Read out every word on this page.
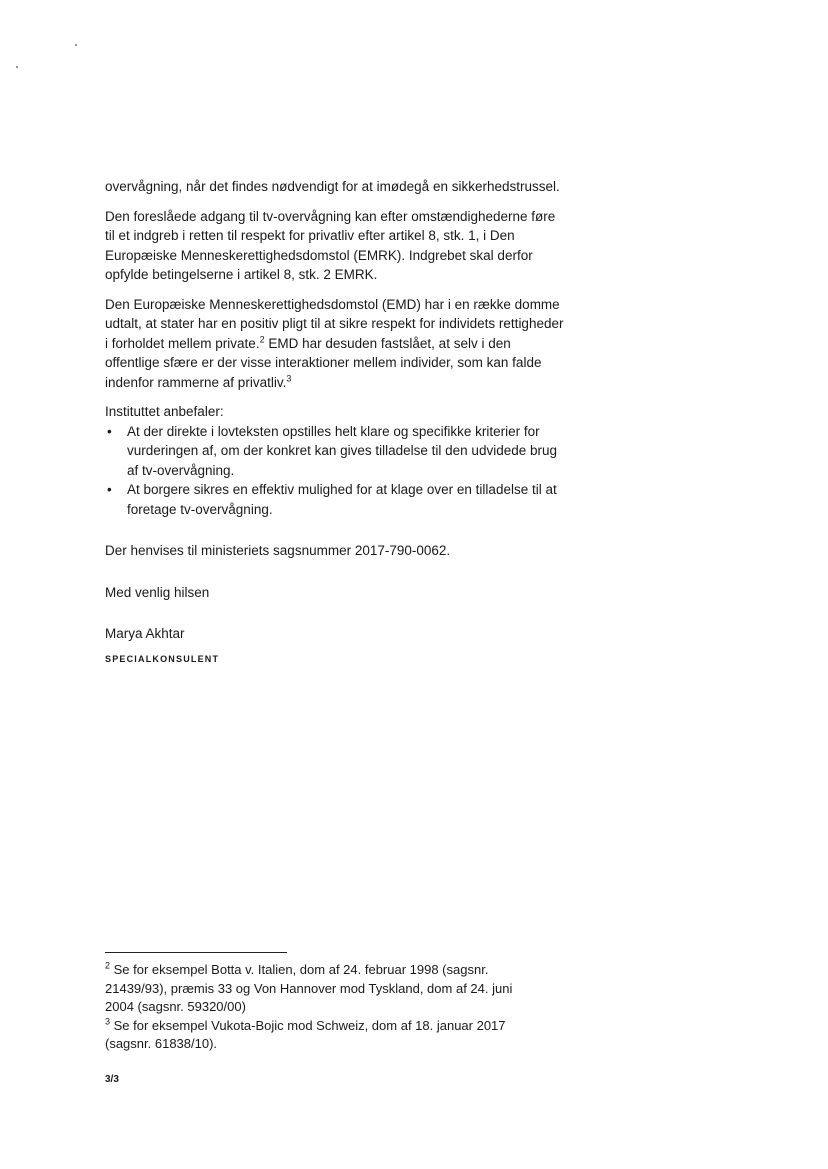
overvågning, når det findes nødvendigt for at imødegå en sikkerhedstrussel.

Den foreslåede adgang til tv-overvågning kan efter omstændighederne føre til et indgreb i retten til respekt for privatliv efter artikel 8, stk. 1, i Den Europæiske Menneskerettighedsdomstol (EMRK). Indgrebet skal derfor opfylde betingelserne i artikel 8, stk. 2 EMRK.

Den Europæiske Menneskerettighedsdomstol (EMD) har i en række domme udtalt, at stater har en positiv pligt til at sikre respekt for individets rettigheder i forholdet mellem private.$^2$ EMD har desuden fastslået, at selv i den offentlige sfære er der visse interaktioner mellem individer, som kan falde indenfor rammerne af privatliv.$^3$

Instituttet anbefaler:

• At der direkte i lovteksten opstilles helt klare og specifikke kriterier for vurderingen af, om der konkret kan gives tilladelse til den udvidede brug af tv-overvågning.
• At borgere sikres en effektiv mulighed for at klage over en tilladelse til at foretage tv-overvågning.

Der henvises til ministeriets sagsnummer 2017-790-0062.

Med venlig hilsen

Marya Akhtar

SPECIALKONSULENT

$^2$ Se for eksempel Botta v. Italien, dom af 24. februar 1998 (sagsnr. 21439/93), præmis 33 og Von Hannover mod Tyskland, dom af 24. juni 2004 (sagsnr. 59320/00)

$^3$ Se for eksempel Vukota-Bojic mod Schweiz, dom af 18. januar 2017 (sagsnr. 61838/10).

3/3
